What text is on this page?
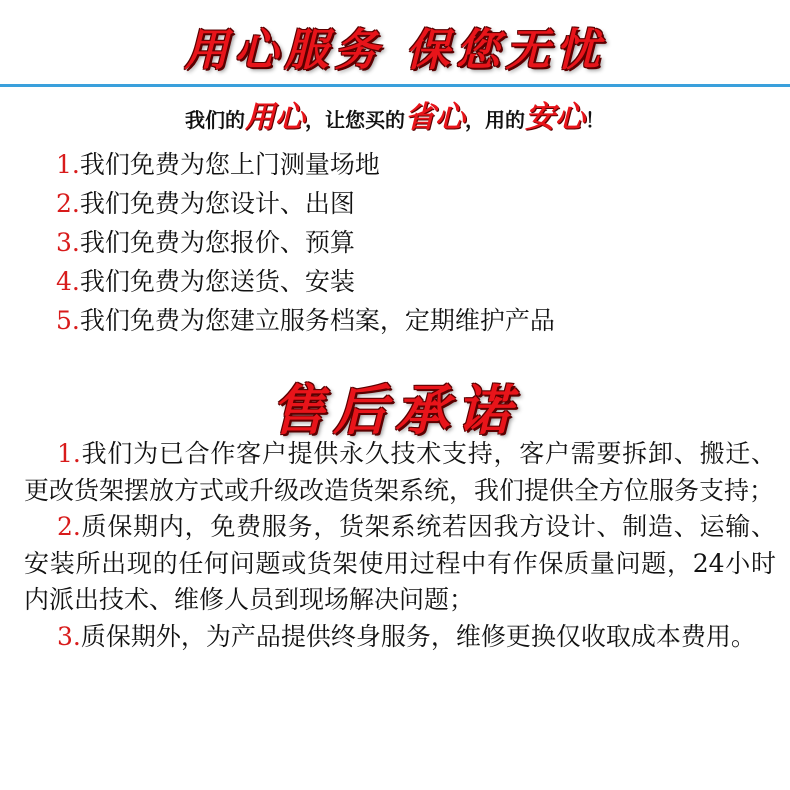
用心服务 保您无忧
我们的用心，让您买的省心，用的安心！
1.我们免费为您上门测量场地
2.我们免费为您设计、出图
3.我们免费为您报价、预算
4.我们免费为您送货、安装
5.我们免费为您建立服务档案，定期维护产品
售后承诺

1.我们为已合作客户提供永久技术支持，客户需要拆卸、搬迁、更改货架摆放方式或升级改造货架系统，我们提供全方位服务支持；

2.质保期内，免费服务，货架系统若因我方设计、制造、运输、安装所出现的任何问题或货架使用过程中有作保质量问题，24小时内派出技术、维修人员到现场解决问题；

3.质保期外，为产品提供终身服务，维修更换仅收取成本费用。
